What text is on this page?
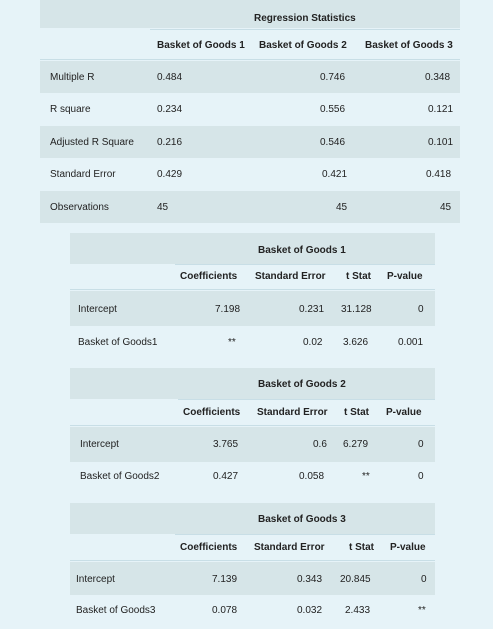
Regression Statistics
Basket of Goods 1 Basket of Goods 2 Basket of Goods 3
Multiple R	0.484	0.746	0.348
R square	0.234	0.556	0.121
Adjusted R Square 0.216	0.546	0.101
Standard Error	0.429	0.421	0.418
Observations	45	45	45
Basket of Goods 1
Coefficients Standard Error t Stat P-value
Intercept	7.198	0.231 31.128	0
Basket of Goods1	**	0.02 3.626	0.001
Basket of Goods 2
Coefficients Standard Error t Stat P-value
Intercept	3.765	0.6 6.279	0
Basket of Goods2	0.427	0.058	**	0
Basket of Goods 3
Coefficients Standard Error t Stat P-value
Intercept	7.139	0.343 20.845	0
Basket of Goods3	0.078	0.032 2.433	**
